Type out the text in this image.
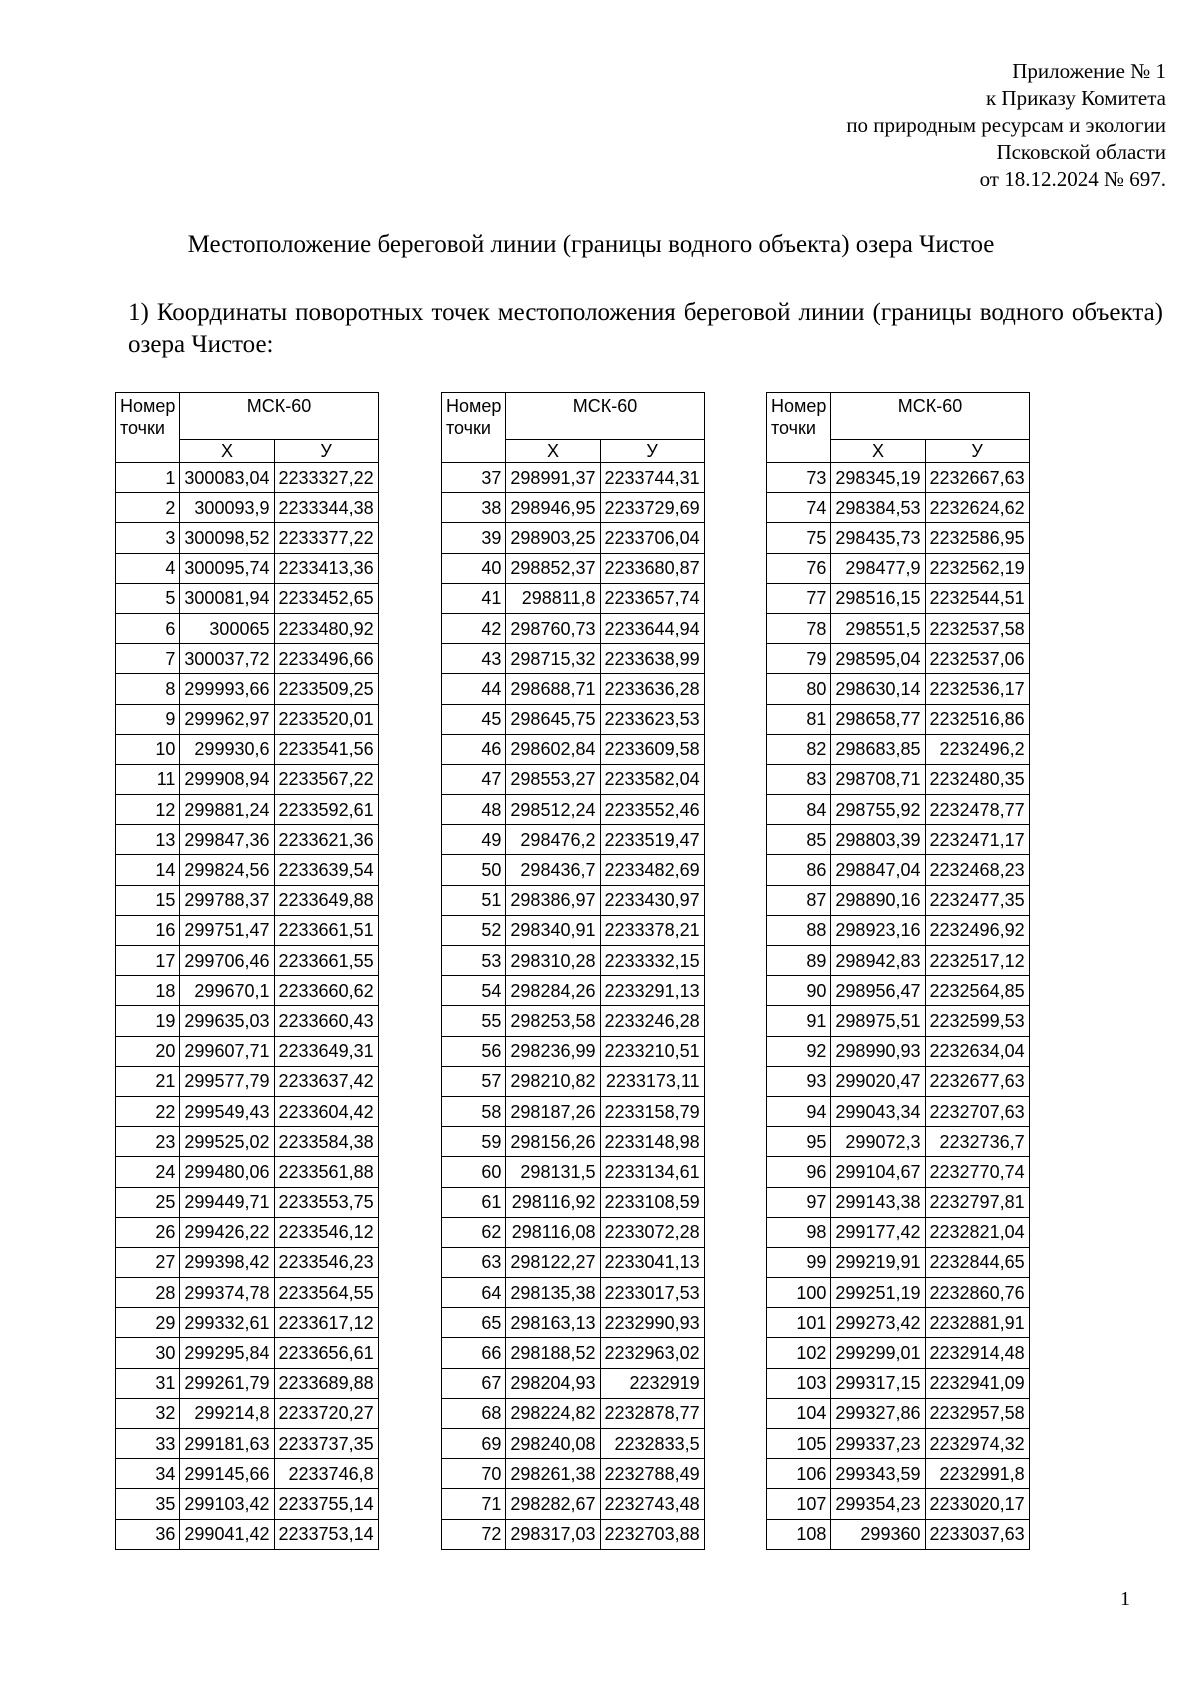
Приложение № 1
к Приказу Комитета
по природным ресурсам и экологии
Псковской области
от 18.12.2024 № 697.
Местоположение береговой линии (границы водного объекта) озера Чистое
1) Координаты поворотных точек местоположения береговой линии (границы водного объекта) озера Чистое:
Номер точки	МСК-60	
	Х	У
1	300083,04	2233327,22
2	300093,9	2233344,38
3	300098,52	2233377,22
4	300095,74	2233413,36
5	300081,94	2233452,65
6	300065	2233480,92
7	300037,72	2233496,66
8	299993,66	2233509,25
9	299962,97	2233520,01
10	299930,6	2233541,56
11	299908,94	2233567,22
12	299881,24	2233592,61
13	299847,36	2233621,36
14	299824,56	2233639,54
15	299788,37	2233649,88
16	299751,47	2233661,51
17	299706,46	2233661,55
18	299670,1	2233660,62
19	299635,03	2233660,43
20	299607,71	2233649,31
21	299577,79	2233637,42
22	299549,43	2233604,42
23	299525,02	2233584,38
24	299480,06	2233561,88
25	299449,71	2233553,75
26	299426,22	2233546,12
27	299398,42	2233546,23
28	299374,78	2233564,55
29	299332,61	2233617,12
30	299295,84	2233656,61
31	299261,79	2233689,88
32	299214,8	2233720,27
33	299181,63	2233737,35
34	299145,66	2233746,8
35	299103,42	2233755,14
36	299041,42	2233753,14
Номер точки	МСК-60	
	Х	У
37	298991,37	2233744,31
38	298946,95	2233729,69
39	298903,25	2233706,04
40	298852,37	2233680,87
41	298811,8	2233657,74
42	298760,73	2233644,94
43	298715,32	2233638,99
44	298688,71	2233636,28
45	298645,75	2233623,53
46	298602,84	2233609,58
47	298553,27	2233582,04
48	298512,24	2233552,46
49	298476,2	2233519,47
50	298436,7	2233482,69
51	298386,97	2233430,97
52	298340,91	2233378,21
53	298310,28	2233332,15
54	298284,26	2233291,13
55	298253,58	2233246,28
56	298236,99	2233210,51
57	298210,82	2233173,11
58	298187,26	2233158,79
59	298156,26	2233148,98
60	298131,5	2233134,61
61	298116,92	2233108,59
62	298116,08	2233072,28
63	298122,27	2233041,13
64	298135,38	2233017,53
65	298163,13	2232990,93
66	298188,52	2232963,02
67	298204,93	2232919
68	298224,82	2232878,77
69	298240,08	2232833,5
70	298261,38	2232788,49
71	298282,67	2232743,48
72	298317,03	2232703,88
Номер точки	МСК-60	
	Х	У
73	298345,19	2232667,63
74	298384,53	2232624,62
75	298435,73	2232586,95
76	298477,9	2232562,19
77	298516,15	2232544,51
78	298551,5	2232537,58
79	298595,04	2232537,06
80	298630,14	2232536,17
81	298658,77	2232516,86
82	298683,85	2232496,2
83	298708,71	2232480,35
84	298755,92	2232478,77
85	298803,39	2232471,17
86	298847,04	2232468,23
87	298890,16	2232477,35
88	298923,16	2232496,92
89	298942,83	2232517,12
90	298956,47	2232564,85
91	298975,51	2232599,53
92	298990,93	2232634,04
93	299020,47	2232677,63
94	299043,34	2232707,63
95	299072,3	2232736,7
96	299104,67	2232770,74
97	299143,38	2232797,81
98	299177,42	2232821,04
99	299219,91	2232844,65
100	299251,19	2232860,76
101	299273,42	2232881,91
102	299299,01	2232914,48
103	299317,15	2232941,09
104	299327,86	2232957,58
105	299337,23	2232974,32
106	299343,59	2232991,8
107	299354,23	2233020,17
108	299360	2233037,63
1
